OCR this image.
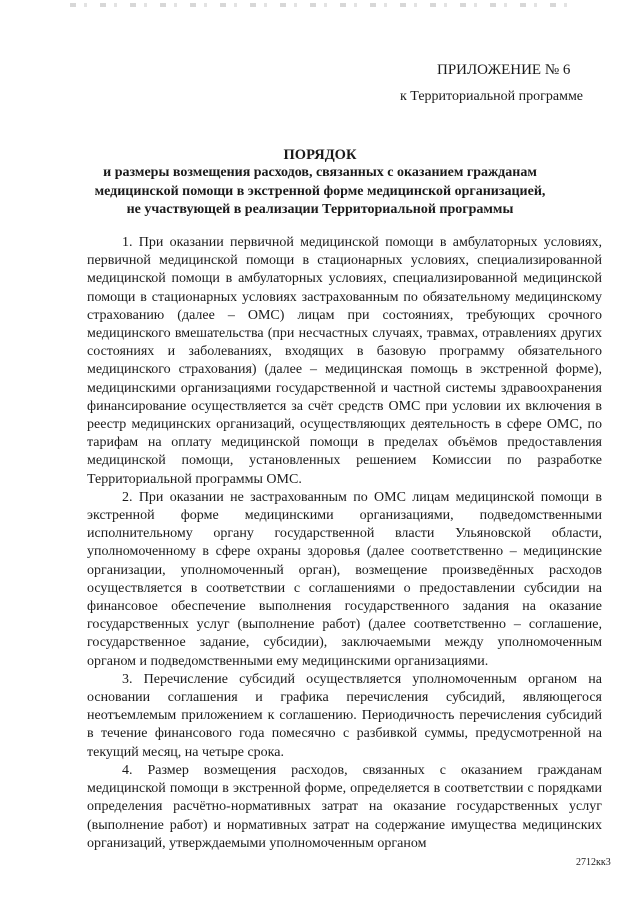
ПРИЛОЖЕНИЕ № 6
к Территориальной программе
ПОРЯДОК
и размеры возмещения расходов, связанных с оказанием гражданам
медицинской помощи в экстренной форме медицинской организацией,
не участвующей в реализации Территориальной программы

1. При оказании первичной медицинской помощи в амбулаторных условиях, первичной медицинской помощи в стационарных условиях, специализированной медицинской помощи в амбулаторных условиях, специализированной медицинской помощи в стационарных условиях застрахованным по обязательному медицинскому страхованию (далее – ОМС) лицам при состояниях, требующих срочного медицинского вмешательства (при несчастных случаях, травмах, отравлениях других состояниях и заболеваниях, входящих в базовую программу обязательного медицинского страхования) (далее – медицинская помощь в экстренной форме), медицинскими организациями государственной и частной системы здравоохранения финансирование осуществляется за счёт средств ОМС при условии их включения в реестр медицинских организаций, осуществляющих деятельность в сфере ОМС, по тарифам на оплату медицинской помощи в пределах объёмов предоставления медицинской помощи, установленных решением Комиссии по разработке Территориальной программы ОМС.

2. При оказании не застрахованным по ОМС лицам медицинской помощи в экстренной форме медицинскими организациями, подведомственными исполнительному органу государственной власти Ульяновской области, уполномоченному в сфере охраны здоровья (далее соответственно – медицинские организации, уполномоченный орган), возмещение произведённых расходов осуществляется в соответствии с соглашениями о предоставлении субсидии на финансовое обеспечение выполнения государственного задания на оказание государственных услуг (выполнение работ) (далее соответственно – соглашение, государственное задание, субсидии), заключаемыми между уполномоченным органом и подведомственными ему медицинскими организациями.

3. Перечисление субсидий осуществляется уполномоченным органом на основании соглашения и графика перечисления субсидий, являющегося неотъемлемым приложением к соглашению. Периодичность перечисления субсидий в течение финансового года помесячно с разбивкой суммы, предусмотренной на текущий месяц, на четыре срока.

4. Размер возмещения расходов, связанных с оказанием гражданам медицинской помощи в экстренной форме, определяется в соответствии с порядками определения расчётно-нормативных затрат на оказание государственных услуг (выполнение работ) и нормативных затрат на содержание имущества медицинских организаций, утверждаемыми уполномоченным органом

2712кк3
